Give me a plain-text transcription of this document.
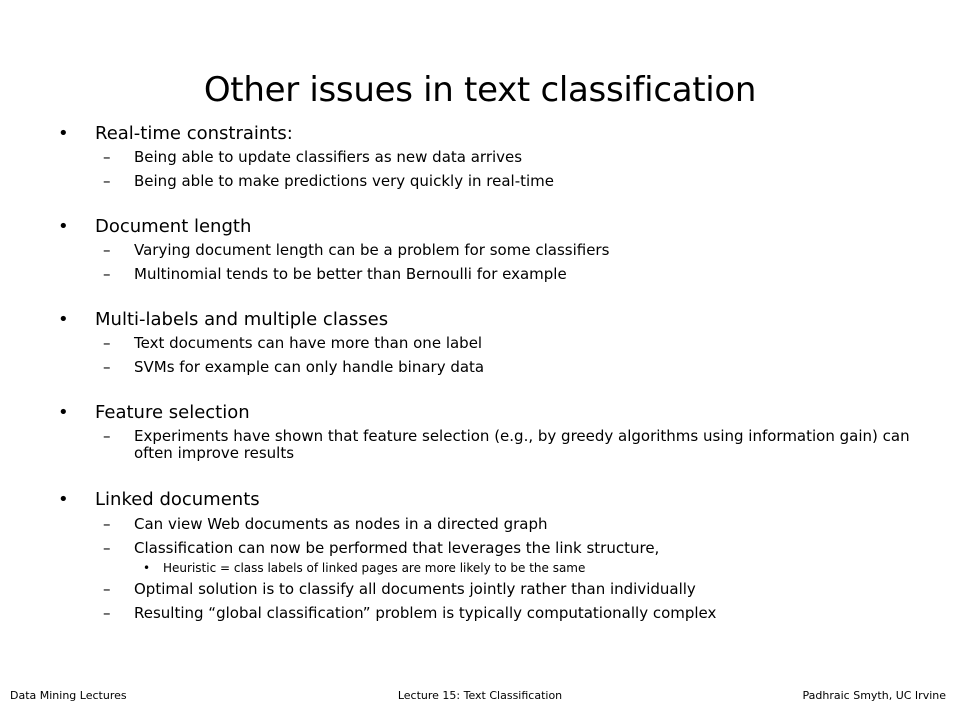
Other issues in text classification
• Real-time constraints:
– Being able to update classifiers as new data arrives
– Being able to make predictions very quickly in real-time
• Document length
– Varying document length can be a problem for some classifiers
– Multinomial tends to be better than Bernoulli for example
• Multi-labels and multiple classes
– Text documents can have more than one label
– SVMs for example can only handle binary data
• Feature selection
– Experiments have shown that feature selection (e.g., by greedy algorithms using information gain) can often improve results
• Linked documents
– Can view Web documents as nodes in a directed graph
– Classification can now be performed that leverages the link structure,
• Heuristic = class labels of linked pages are more likely to be the same
– Optimal solution is to classify all documents jointly rather than individually
– Resulting “global classification” problem is typically computationally complex
Data Mining Lectures	Lecture 15: Text Classification	Padhraic Smyth, UC Irvine
